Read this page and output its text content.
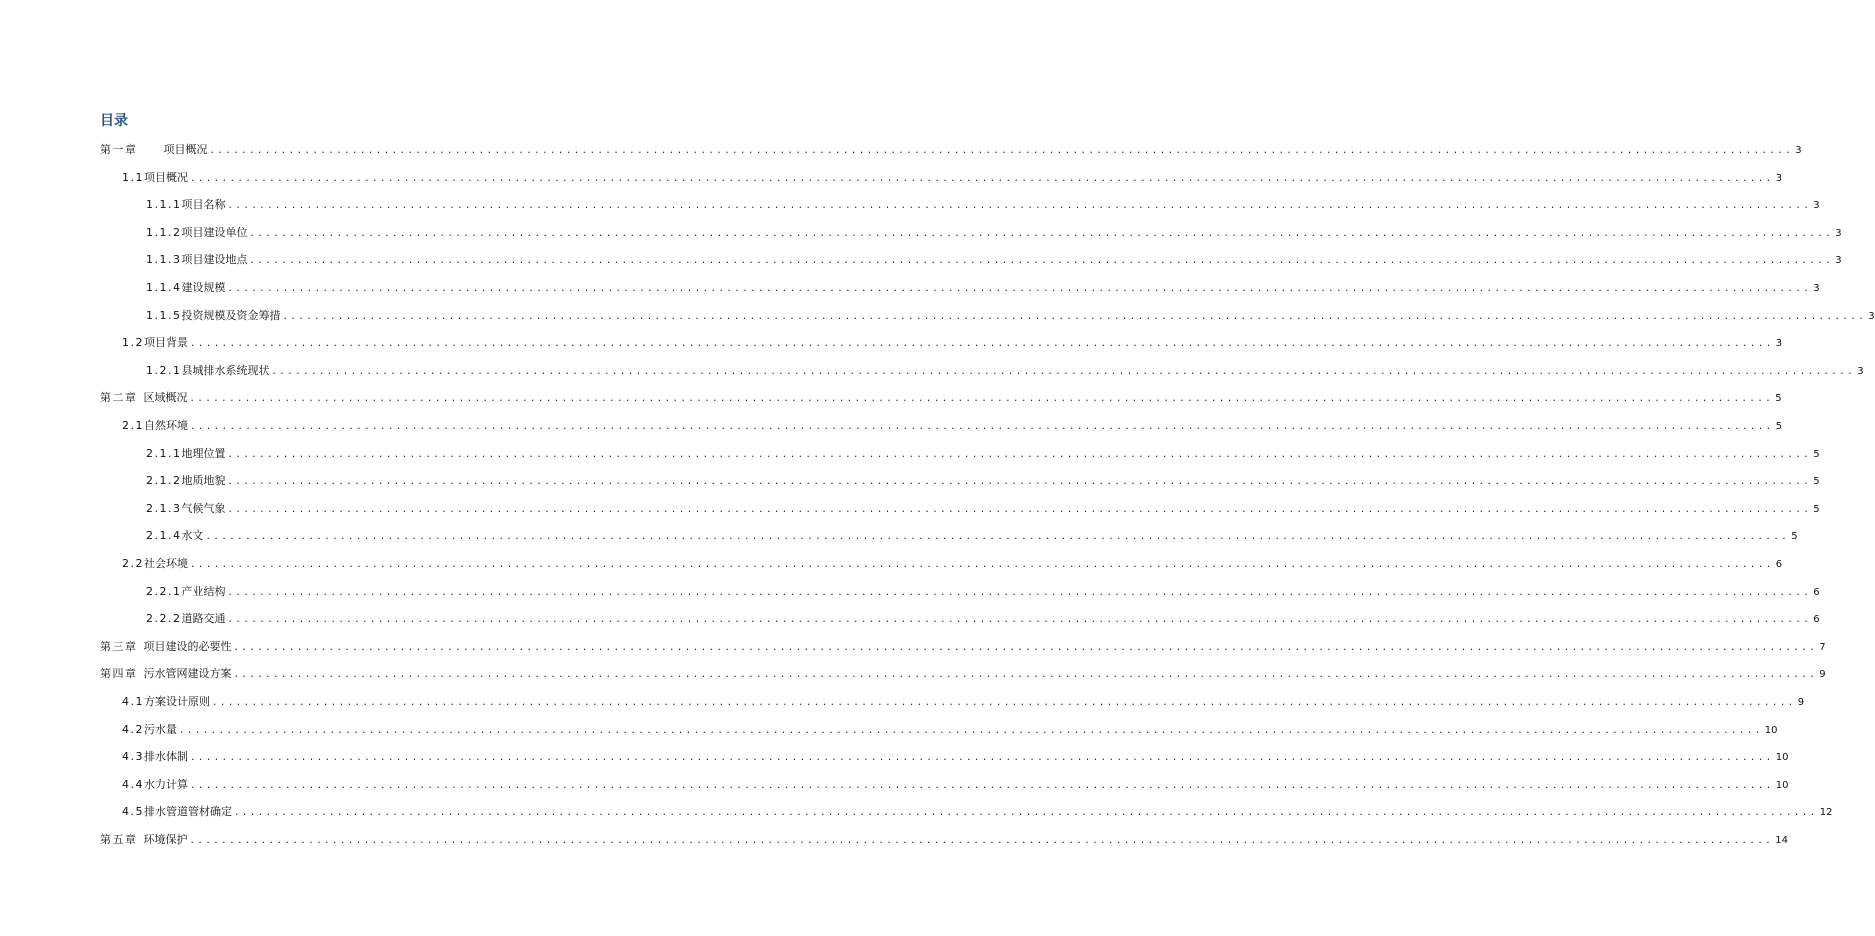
目录
第一章 项目概况 ........................................................................................................................................................................................................ 3
1.1项目概况 ........................................................................................................................................................................................................ 3
1.1.1项目名称 ........................................................................................................................................................................................................ 3
1.1.2项目建设单位 ........................................................................................................................................................................................................ 3
1.1.3项目建设地点 ........................................................................................................................................................................................................ 3
1.1.4建设规模 ........................................................................................................................................................................................................ 3
1.1.5投资规模及资金筹措 ........................................................................................................................................................................................................ 3
1.2项目背景 ........................................................................................................................................................................................................ 3
1.2.1县城排水系统现状 ........................................................................................................................................................................................................ 3
第二章 区域概况 ........................................................................................................................................................................................................ 5
2.1自然环境 ........................................................................................................................................................................................................ 5
2.1.1地理位置 ........................................................................................................................................................................................................ 5
2.1.2地质地貌 ........................................................................................................................................................................................................ 5
2.1.3气候气象 ........................................................................................................................................................................................................ 5
2.1.4水文 ........................................................................................................................................................................................................ 5
2.2社会环境 ........................................................................................................................................................................................................ 6
2.2.1产业结构 ........................................................................................................................................................................................................ 6
2.2.2道路交通 ........................................................................................................................................................................................................ 6
第三章 项目建设的必要性 ........................................................................................................................................................................................................ 7
第四章 污水管网建设方案 ........................................................................................................................................................................................................ 9
4.1方案设计原则 ........................................................................................................................................................................................................ 9
4.2污水量 ........................................................................................................................................................................................................ 10
4.3排水体制 ........................................................................................................................................................................................................ 10
4.4水力计算 ........................................................................................................................................................................................................ 10
4.5排水管道管材确定 ........................................................................................................................................................................................................ 12
第五章 环境保护 ........................................................................................................................................................................................................ 14
